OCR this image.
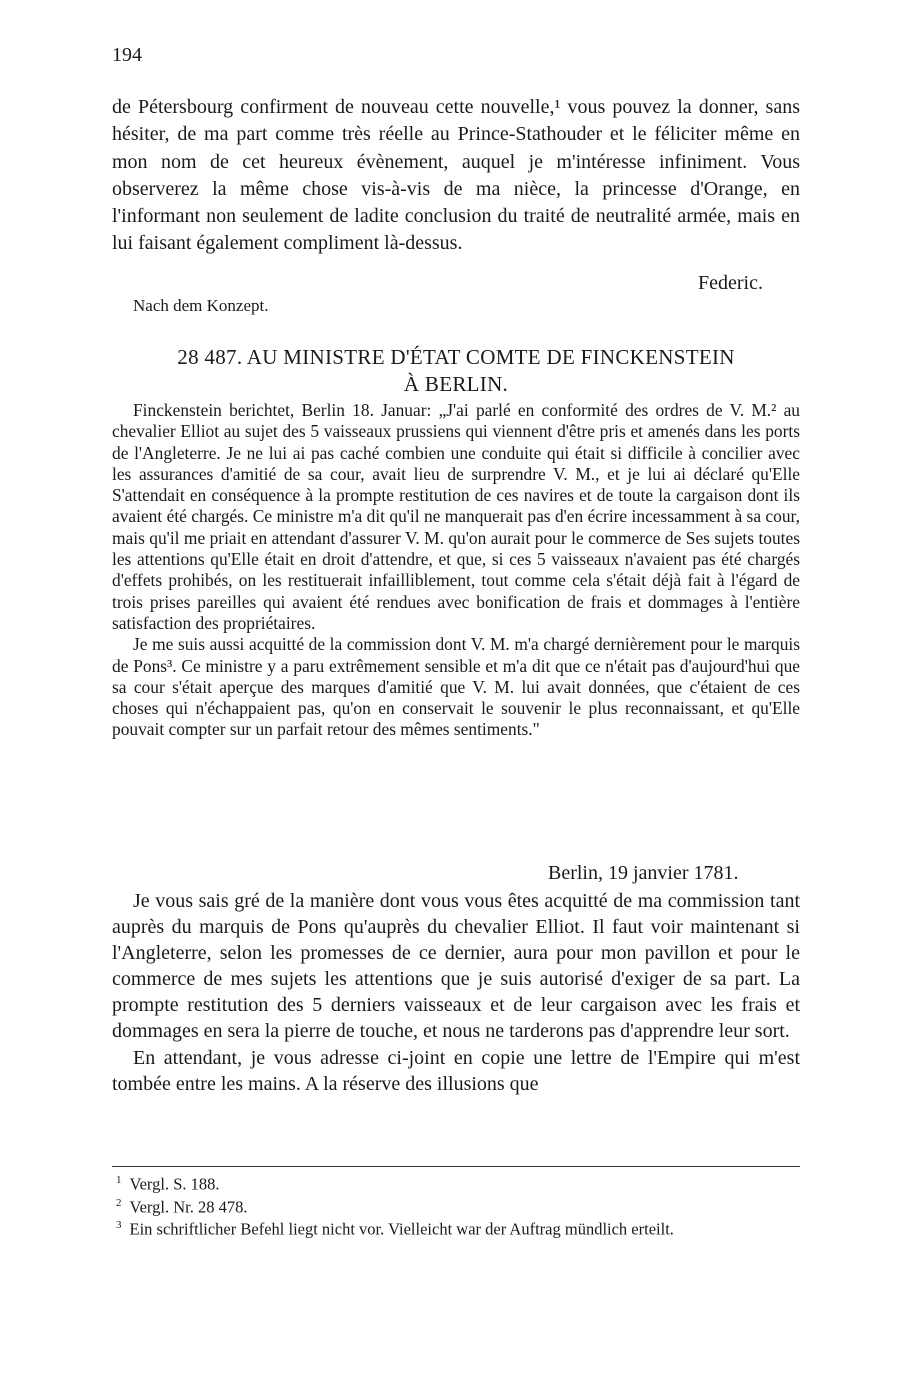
194
de Pétersbourg confirment de nouveau cette nouvelle,¹ vous pouvez la donner, sans hésiter, de ma part comme très réelle au Prince-Stathouder et le féliciter même en mon nom de cet heureux évènement, auquel je m'intéresse infiniment. Vous observerez la même chose vis-à-vis de ma nièce, la princesse d'Orange, en l'informant non seulement de ladite conclusion du traité de neutralité armée, mais en lui faisant également compliment là-dessus.
Federic.
Nach dem Konzept.
28 487. AU MINISTRE D'ÉTAT COMTE DE FINCKENSTEIN
À BERLIN.

Finckenstein berichtet, Berlin 18. Januar: „J'ai parlé en conformité des ordres de V. M.² au chevalier Elliot au sujet des 5 vaisseaux prussiens qui viennent d'être pris et amenés dans les ports de l'Angleterre. Je ne lui ai pas caché combien une conduite qui était si difficile à concilier avec les assurances d'amitié de sa cour, avait lieu de surprendre V. M., et je lui ai déclaré qu'Elle S'attendait en conséquence à la prompte restitution de ces navires et de toute la cargaison dont ils avaient été chargés. Ce ministre m'a dit qu'il ne manquerait pas d'en écrire incessamment à sa cour, mais qu'il me priait en attendant d'assurer V. M. qu'on aurait pour le commerce de Ses sujets toutes les attentions qu'Elle était en droit d'attendre, et que, si ces 5 vaisseaux n'avaient pas été chargés d'effets prohibés, on les restituerait infailliblement, tout comme cela s'était déjà fait à l'égard de trois prises pareilles qui avaient été rendues avec bonification de frais et dommages à l'entière satisfaction des propriétaires.

Je me suis aussi acquitté de la commission dont V. M. m'a chargé dernièrement pour le marquis de Pons³. Ce ministre y a paru extrêmement sensible et m'a dit que ce n'était pas d'aujourd'hui que sa cour s'était aperçue des marques d'amitié que V. M. lui avait données, que c'étaient de ces choses qui n'échappaient pas, qu'on en conservait le souvenir le plus reconnaissant, et qu'Elle pouvait compter sur un parfait retour des mêmes sentiments."

Berlin, 19 janvier 1781.

Je vous sais gré de la manière dont vous vous êtes acquitté de ma commission tant auprès du marquis de Pons qu'auprès du chevalier Elliot. Il faut voir maintenant si l'Angleterre, selon les promesses de ce dernier, aura pour mon pavillon et pour le commerce de mes sujets les attentions que je suis autorisé d'exiger de sa part. La prompte restitution des 5 derniers vaisseaux et de leur cargaison avec les frais et dommages en sera la pierre de touche, et nous ne tarderons pas d'apprendre leur sort.

En attendant, je vous adresse ci-joint en copie une lettre de l'Empire qui m'est tombée entre les mains. A la réserve des illusions que

$^1$ Vergl. S. 188.

$^2$ Vergl. Nr. 28 478.

$^3$ Ein schriftlicher Befehl liegt nicht vor. Vielleicht war der Auftrag mündlich erteilt.
